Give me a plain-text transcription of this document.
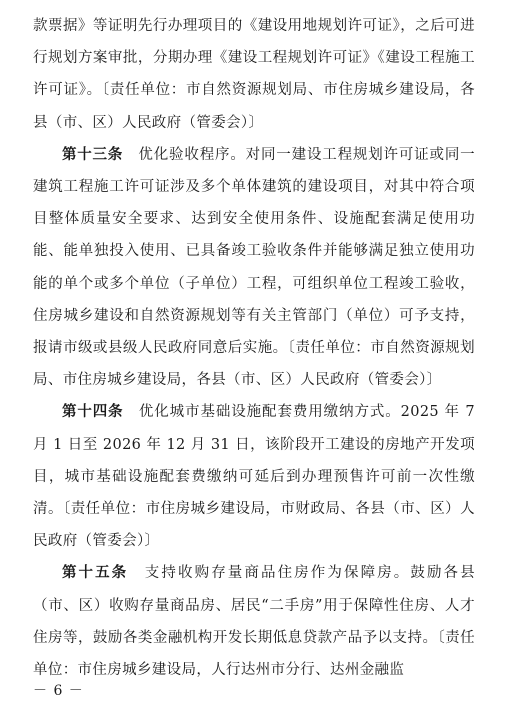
款票据》等证明先行办理项目的《建设用地规划许可证》，之后可进行规划方案审批，分期办理《建设工程规划许可证》《建设工程施工许可证》。〔责任单位：市自然资源规划局、市住房城乡建设局，各县（市、区）人民政府（管委会）〕

第十三条　优化验收程序。对同一建设工程规划许可证或同一建筑工程施工许可证涉及多个单体建筑的建设项目，对其中符合项目整体质量安全要求、达到安全使用条件、设施配套满足使用功能、能单独投入使用、已具备竣工验收条件并能够满足独立使用功能的单个或多个单位（子单位）工程，可组织单位工程竣工验收，住房城乡建设和自然资源规划等有关主管部门（单位）可予支持，报请市级或县级人民政府同意后实施。〔责任单位：市自然资源规划局、市住房城乡建设局，各县（市、区）人民政府（管委会）〕

第十四条　优化城市基础设施配套费用缴纳方式。2025 年 7 月 1 日至 2026 年 12 月 31 日，该阶段开工建设的房地产开发项目，城市基础设施配套费缴纳可延后到办理预售许可前一次性缴清。〔责任单位：市住房城乡建设局，市财政局、各县（市、区）人民政府（管委会）〕

第十五条　支持收购存量商品住房作为保障房。鼓励各县（市、区）收购存量商品房、居民“二手房”用于保障性住房、人才住房等，鼓励各类金融机构开发长期低息贷款产品予以支持。〔责任单位：市住房城乡建设局，人行达州市分行、达州金融监

－ 6 －
